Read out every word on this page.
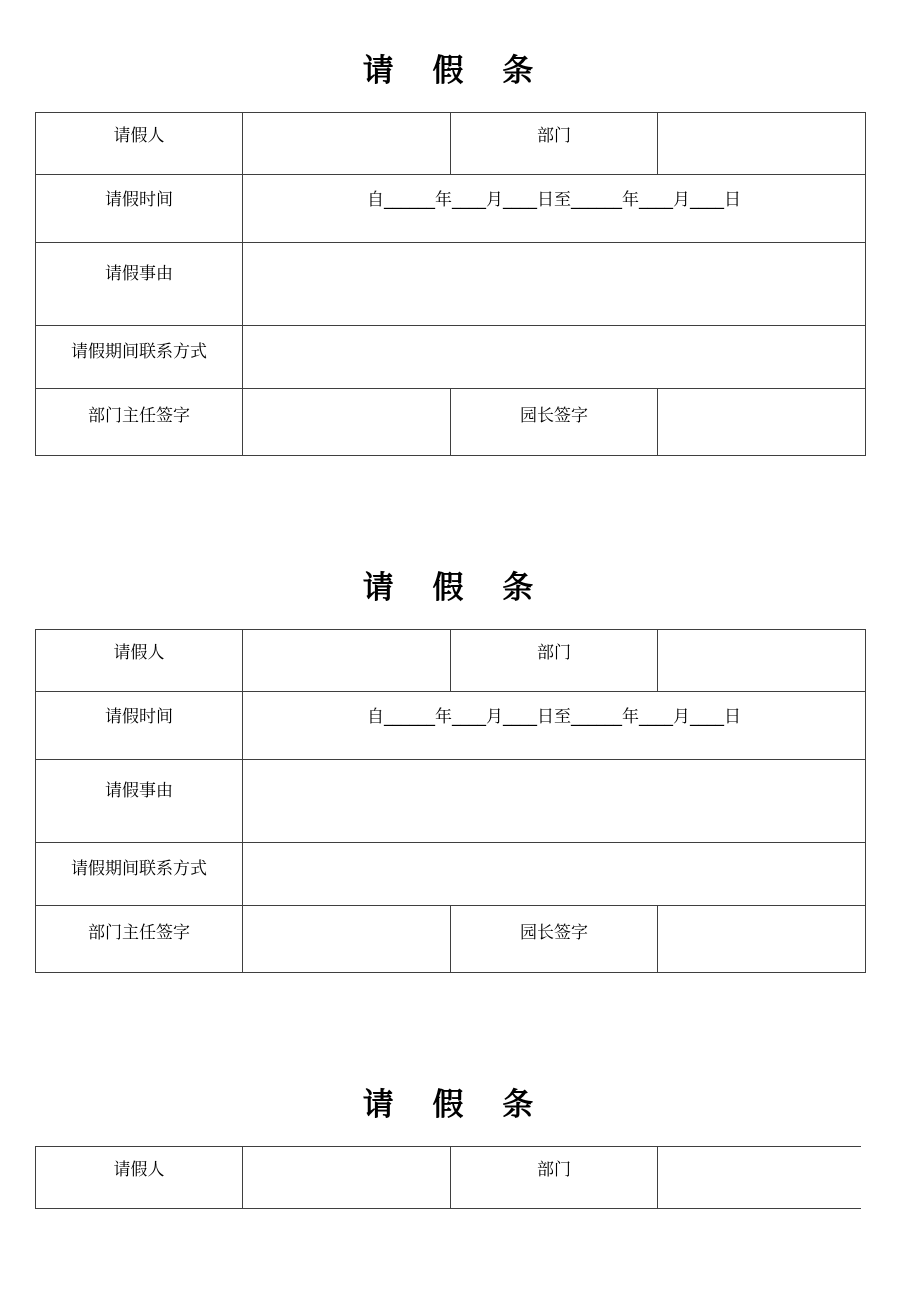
请 假 条
请假人		部门	

请假时间	自______年____月____日至______年____月____日		

请假事由			

请假期间联系方式			

部门主任签字		园长签字	

请 假 条
请假人		部门	

请假时间	自______年____月____日至______年____月____日		

请假事由			

请假期间联系方式			

部门主任签字		园长签字	

请 假 条
请假人		部门
